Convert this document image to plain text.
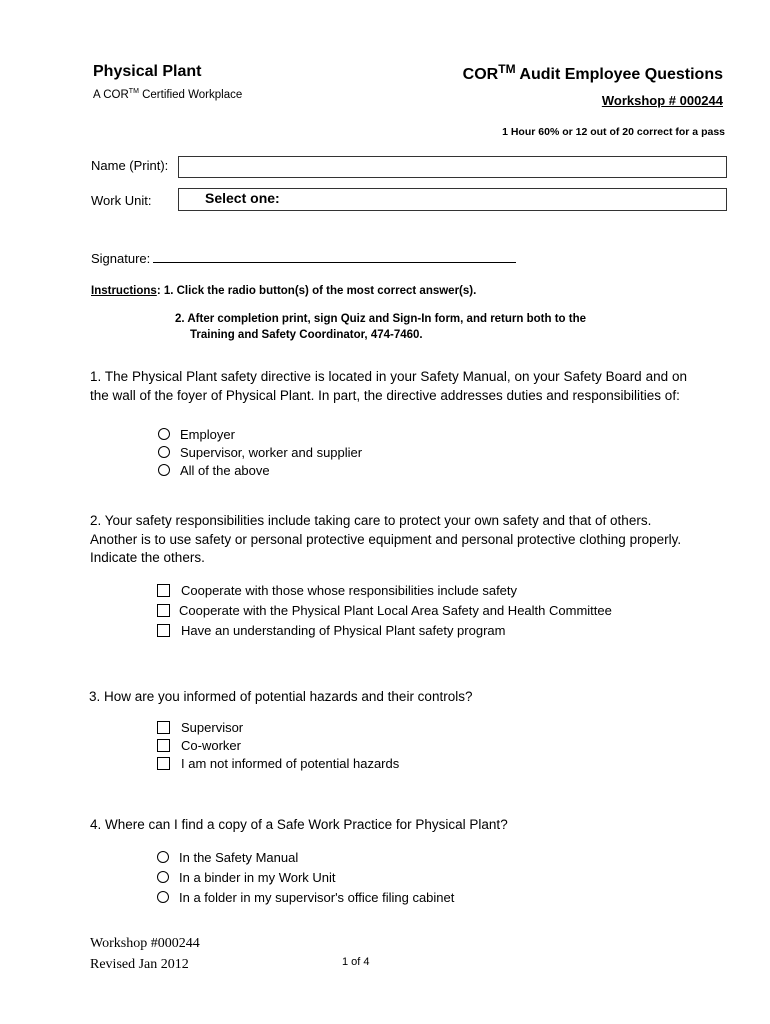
Physical Plant
A COR™ Certified Workplace
COR™ Audit Employee Questions
Workshop # 000244
1 Hour 60% or 12 out of 20 correct for a pass
Name (Print):
Work Unit:	Select one:
Signature:
Instructions: 1. Click the radio button(s) of the most correct answer(s).
2. After completion print, sign Quiz and Sign-In form, and return both to the
Training and Safety Coordinator, 474-7460.
1. The Physical Plant safety directive is located in your Safety Manual, on your Safety Board and on the wall of the foyer of Physical Plant. In part, the directive addresses duties and responsibilities of:
Employer
Supervisor, worker and supplier
All of the above
2. Your safety responsibilities include taking care to protect your own safety and that of others. Another is to use safety or personal protective equipment and personal protective clothing properly. Indicate the others.
Cooperate with those whose responsibilities include safety
Cooperate with the Physical Plant Local Area Safety and Health Committee
Have an understanding of Physical Plant safety program
3. How are you informed of potential hazards and their controls?
Supervisor
Co-worker
I am not informed of potential hazards
4. Where can I find a copy of a Safe Work Practice for Physical Plant?
In the Safety Manual
In a binder in my Work Unit
In a folder in my supervisor's office filing cabinet
Workshop #000244
Revised Jan 2012	1 of 4
